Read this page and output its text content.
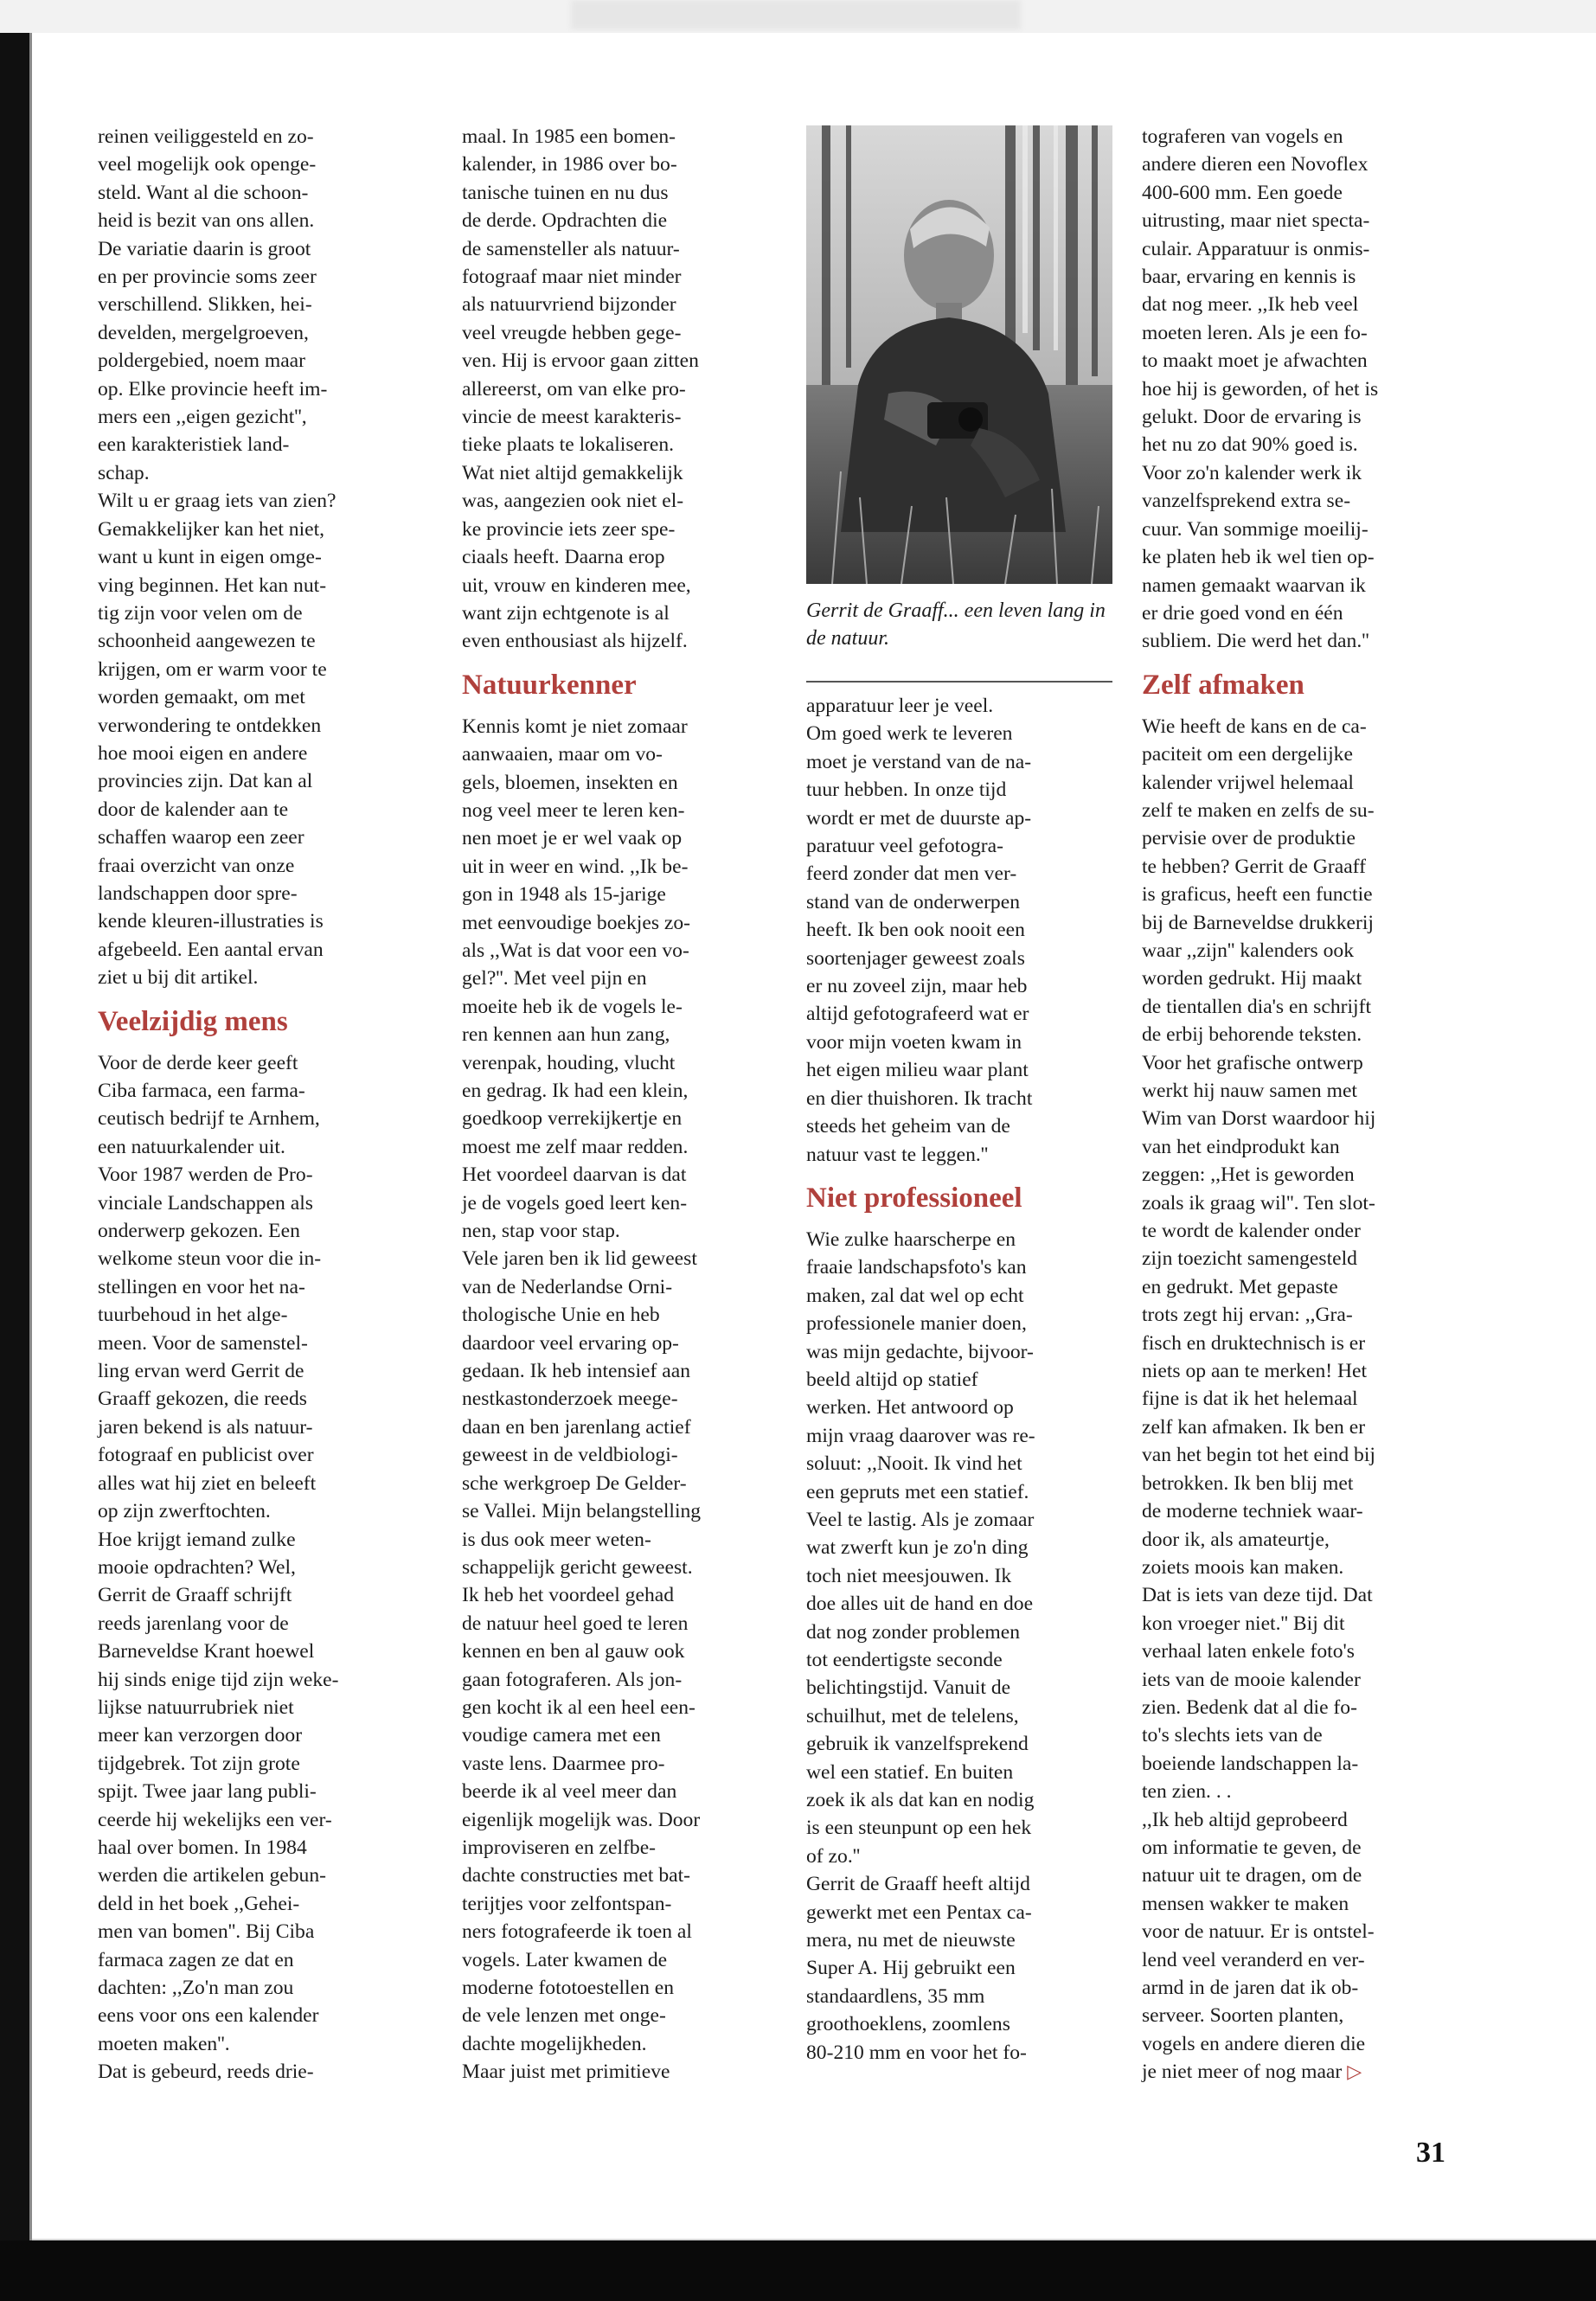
reinen veiliggesteld en zo-

veel mogelijk ook openge-

steld. Want al die schoon-

heid is bezit van ons allen.

De variatie daarin is groot

en per provincie soms zeer

verschillend. Slikken, hei-

develden, mergelgroeven,

poldergebied, noem maar

op. Elke provincie heeft im-

mers een ,,eigen gezicht'',

een karakteristiek land-

schap.

Wilt u er graag iets van zien?

Gemakkelijker kan het niet,

want u kunt in eigen omge-

ving beginnen. Het kan nut-

tig zijn voor velen om de

schoonheid aangewezen te

krijgen, om er warm voor te

worden gemaakt, om met

verwondering te ontdekken

hoe mooi eigen en andere

provincies zijn. Dat kan al

door de kalender aan te

schaffen waarop een zeer

fraai overzicht van onze

landschappen door spre-

kende kleuren-illustraties is

afgebeeld. Een aantal ervan

ziet u bij dit artikel.

Veelzijdig mens

Voor de derde keer geeft

Ciba farmaca, een farma-

ceutisch bedrijf te Arnhem,

een natuurkalender uit.

Voor 1987 werden de Pro-

vinciale Landschappen als

onderwerp gekozen. Een

welkome steun voor die in-

stellingen en voor het na-

tuurbehoud in het alge-

meen. Voor de samenstel-

ling ervan werd Gerrit de

Graaff gekozen, die reeds

jaren bekend is als natuur-

fotograaf en publicist over

alles wat hij ziet en beleeft

op zijn zwerftochten.

Hoe krijgt iemand zulke

mooie opdrachten? Wel,

Gerrit de Graaff schrijft

reeds jarenlang voor de

Barneveldse Krant hoewel

hij sinds enige tijd zijn weke-

lijkse natuurrubriek niet

meer kan verzorgen door

tijdgebrek. Tot zijn grote

spijt. Twee jaar lang publi-

ceerde hij wekelijks een ver-

haal over bomen. In 1984

werden die artikelen gebun-

deld in het boek ,,Gehei-

men van bomen''. Bij Ciba

farmaca zagen ze dat en

dachten: ,,Zo'n man zou

eens voor ons een kalender

moeten maken''.

Dat is gebeurd, reeds drie-

maal. In 1985 een bomen-

kalender, in 1986 over bo-

tanische tuinen en nu dus

de derde. Opdrachten die

de samensteller als natuur-

fotograaf maar niet minder

als natuurvriend bijzonder

veel vreugde hebben gege-

ven. Hij is ervoor gaan zitten

allereerst, om van elke pro-

vincie de meest karakteris-

tieke plaats te lokaliseren.

Wat niet altijd gemakkelijk

was, aangezien ook niet el-

ke provincie iets zeer spe-

ciaals heeft. Daarna erop

uit, vrouw en kinderen mee,

want zijn echtgenote is al

even enthousiast als hijzelf.

Natuurkenner

Kennis komt je niet zomaar

aanwaaien, maar om vo-

gels, bloemen, insekten en

nog veel meer te leren ken-

nen moet je er wel vaak op

uit in weer en wind. ,,Ik be-

gon in 1948 als 15-jarige

met eenvoudige boekjes zo-

als ,,Wat is dat voor een vo-

gel?''. Met veel pijn en

moeite heb ik de vogels le-

ren kennen aan hun zang,

verenpak, houding, vlucht

en gedrag. Ik had een klein,

goedkoop verrekijkertje en

moest me zelf maar redden.

Het voordeel daarvan is dat

je de vogels goed leert ken-

nen, stap voor stap.

Vele jaren ben ik lid geweest

van de Nederlandse Orni-

thologische Unie en heb

daardoor veel ervaring op-

gedaan. Ik heb intensief aan

nestkastonderzoek meege-

daan en ben jarenlang actief

geweest in de veldbiologi-

sche werkgroep De Gelder-

se Vallei. Mijn belangstelling

is dus ook meer weten-

schappelijk gericht geweest.

Ik heb het voordeel gehad

de natuur heel goed te leren

kennen en ben al gauw ook

gaan fotograferen. Als jon-

gen kocht ik al een heel een-

voudige camera met een

vaste lens. Daarmee pro-

beerde ik al veel meer dan

eigenlijk mogelijk was. Door

improviseren en zelfbe-

dachte constructies met bat-

terijtjes voor zelfontspan-

ners fotografeerde ik toen al

vogels. Later kwamen de

moderne fototoestellen en

de vele lenzen met onge-

dachte mogelijkheden.

Maar juist met primitieve

Gerrit de Graaff... een leven lang in de natuur.

apparatuur leer je veel.

Om goed werk te leveren

moet je verstand van de na-

tuur hebben. In onze tijd

wordt er met de duurste ap-

paratuur veel gefotogra-

feerd zonder dat men ver-

stand van de onderwerpen

heeft. Ik ben ook nooit een

soortenjager geweest zoals

er nu zoveel zijn, maar heb

altijd gefotografeerd wat er

voor mijn voeten kwam in

het eigen milieu waar plant

en dier thuishoren. Ik tracht

steeds het geheim van de

natuur vast te leggen.''

Niet professioneel

Wie zulke haarscherpe en

fraaie landschapsfoto's kan

maken, zal dat wel op echt

professionele manier doen,

was mijn gedachte, bijvoor-

beeld altijd op statief

werken. Het antwoord op

mijn vraag daarover was re-

soluut: ,,Nooit. Ik vind het

een gepruts met een statief.

Veel te lastig. Als je zomaar

wat zwerft kun je zo'n ding

toch niet meesjouwen. Ik

doe alles uit de hand en doe

dat nog zonder problemen

tot eendertigste seconde

belichtingstijd. Vanuit de

schuilhut, met de telelens,

gebruik ik vanzelfsprekend

wel een statief. En buiten

zoek ik als dat kan en nodig

is een steunpunt op een hek

of zo.''

Gerrit de Graaff heeft altijd

gewerkt met een Pentax ca-

mera, nu met de nieuwste

Super A. Hij gebruikt een

standaardlens, 35 mm

groothoeklens, zoomlens

80-210 mm en voor het fo-

tograferen van vogels en

andere dieren een Novoflex

400-600 mm. Een goede

uitrusting, maar niet specta-

culair. Apparatuur is onmis-

baar, ervaring en kennis is

dat nog meer. ,,Ik heb veel

moeten leren. Als je een fo-

to maakt moet je afwachten

hoe hij is geworden, of het is

gelukt. Door de ervaring is

het nu zo dat 90% goed is.

Voor zo'n kalender werk ik

vanzelfsprekend extra se-

cuur. Van sommige moeilij-

ke platen heb ik wel tien op-

namen gemaakt waarvan ik

er drie goed vond en één

subliem. Die werd het dan.''

Zelf afmaken

Wie heeft de kans en de ca-

paciteit om een dergelijke

kalender vrijwel helemaal

zelf te maken en zelfs de su-

pervisie over de produktie

te hebben? Gerrit de Graaff

is graficus, heeft een functie

bij de Barneveldse drukkerij

waar ,,zijn'' kalenders ook

worden gedrukt. Hij maakt

de tientallen dia's en schrijft

de erbij behorende teksten.

Voor het grafische ontwerp

werkt hij nauw samen met

Wim van Dorst waardoor hij

van het eindprodukt kan

zeggen: ,,Het is geworden

zoals ik graag wil''. Ten slot-

te wordt de kalender onder

zijn toezicht samengesteld

en gedrukt. Met gepaste

trots zegt hij ervan: ,,Gra-

fisch en druktechnisch is er

niets op aan te merken! Het

fijne is dat ik het helemaal

zelf kan afmaken. Ik ben er

van het begin tot het eind bij

betrokken. Ik ben blij met

de moderne techniek waar-

door ik, als amateurtje,

zoiets moois kan maken.

Dat is iets van deze tijd. Dat

kon vroeger niet.'' Bij dit

verhaal laten enkele foto's

iets van de mooie kalender

zien. Bedenk dat al die fo-

to's slechts iets van de

boeiende landschappen la-

ten zien. . .

,,Ik heb altijd geprobeerd

om informatie te geven, de

natuur uit te dragen, om de

mensen wakker te maken

voor de natuur. Er is ontstel-

lend veel veranderd en ver-

armd in de jaren dat ik ob-

serveer. Soorten planten,

vogels en andere dieren die

je niet meer of nog maar ▷

31
